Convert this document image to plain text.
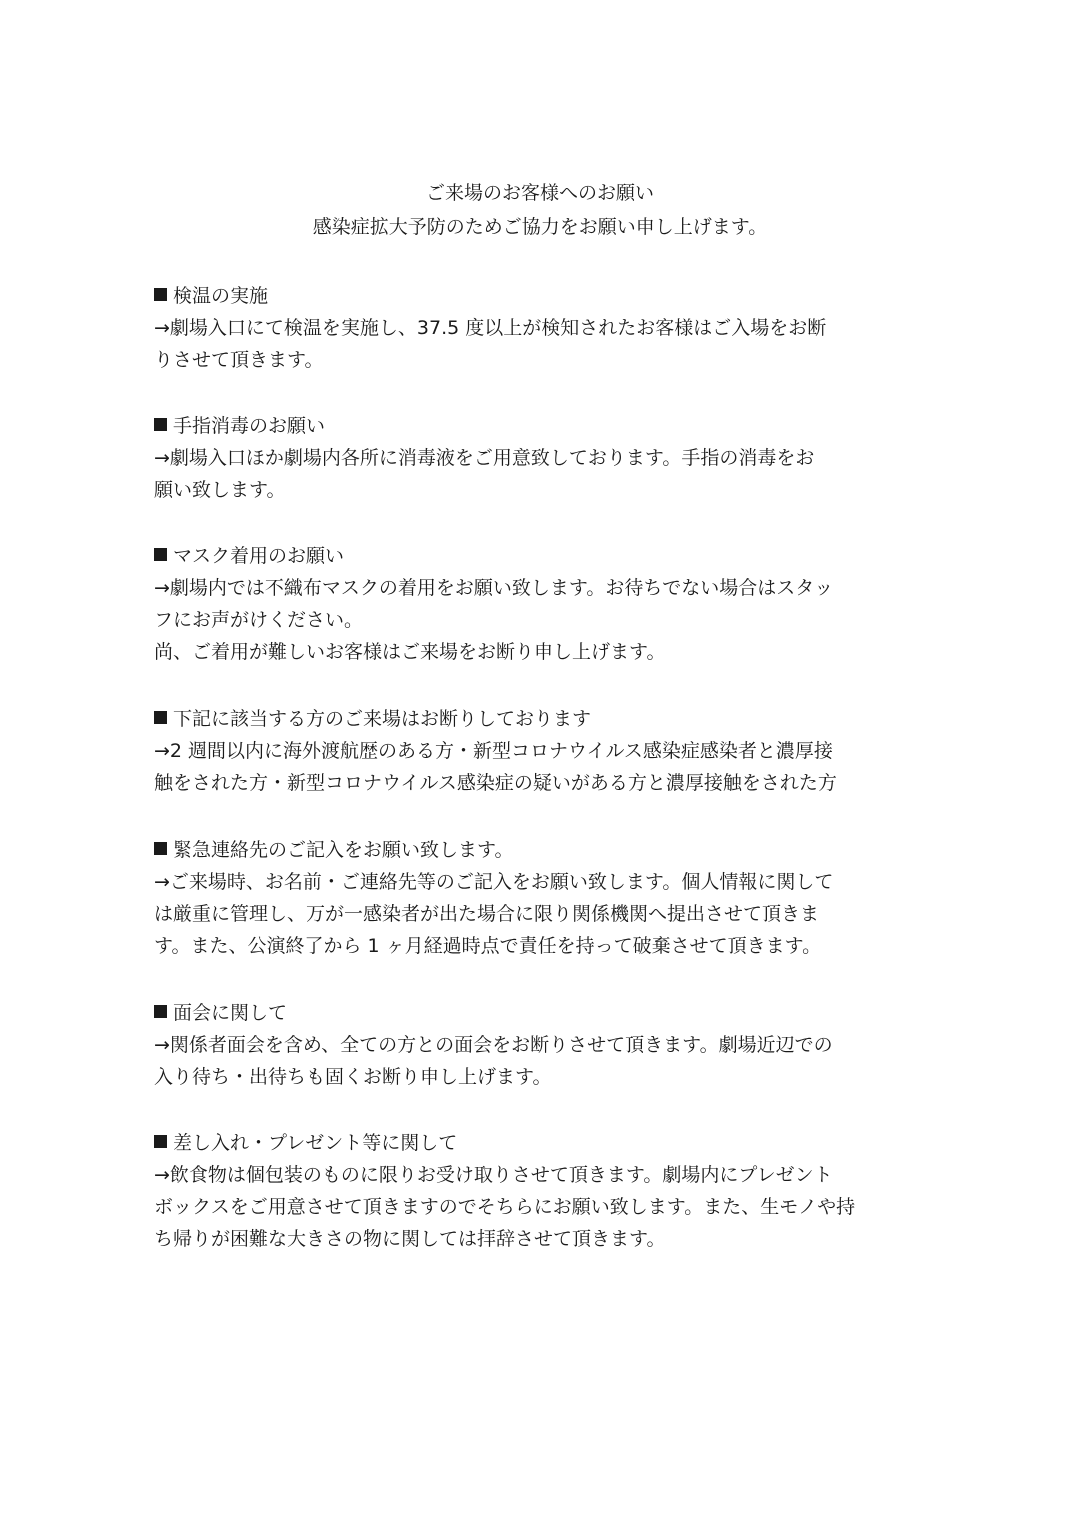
ご来場のお客様へのお願い
感染症拡大予防のためご協力をお願い申し上げます。
検温の実施
→劇場入口にて検温を実施し、37.5 度以上が検知されたお客様はご入場をお断
りさせて頂きます。
手指消毒のお願い
→劇場入口ほか劇場内各所に消毒液をご用意致しております。手指の消毒をお
願い致します。
マスク着用のお願い
→劇場内では不織布マスクの着用をお願い致します。お待ちでない場合はスタッ
フにお声がけください。
尚、ご着用が難しいお客様はご来場をお断り申し上げます。
下記に該当する方のご来場はお断りしております
→2 週間以内に海外渡航歴のある方・新型コロナウイルス感染症感染者と濃厚接
触をされた方・新型コロナウイルス感染症の疑いがある方と濃厚接触をされた方
緊急連絡先のご記入をお願い致します。
→ご来場時、お名前・ご連絡先等のご記入をお願い致します。個人情報に関して
は厳重に管理し、万が一感染者が出た場合に限り関係機関へ提出させて頂きま
す。また、公演終了から 1 ヶ月経過時点で責任を持って破棄させて頂きます。
面会に関して
→関係者面会を含め、全ての方との面会をお断りさせて頂きます。劇場近辺での
入り待ち・出待ちも固くお断り申し上げます。
差し入れ・プレゼント等に関して
→飲食物は個包装のものに限りお受け取りさせて頂きます。劇場内にプレゼント
ボックスをご用意させて頂きますのでそちらにお願い致します。また、生モノや持
ち帰りが困難な大きさの物に関しては拝辞させて頂きます。
